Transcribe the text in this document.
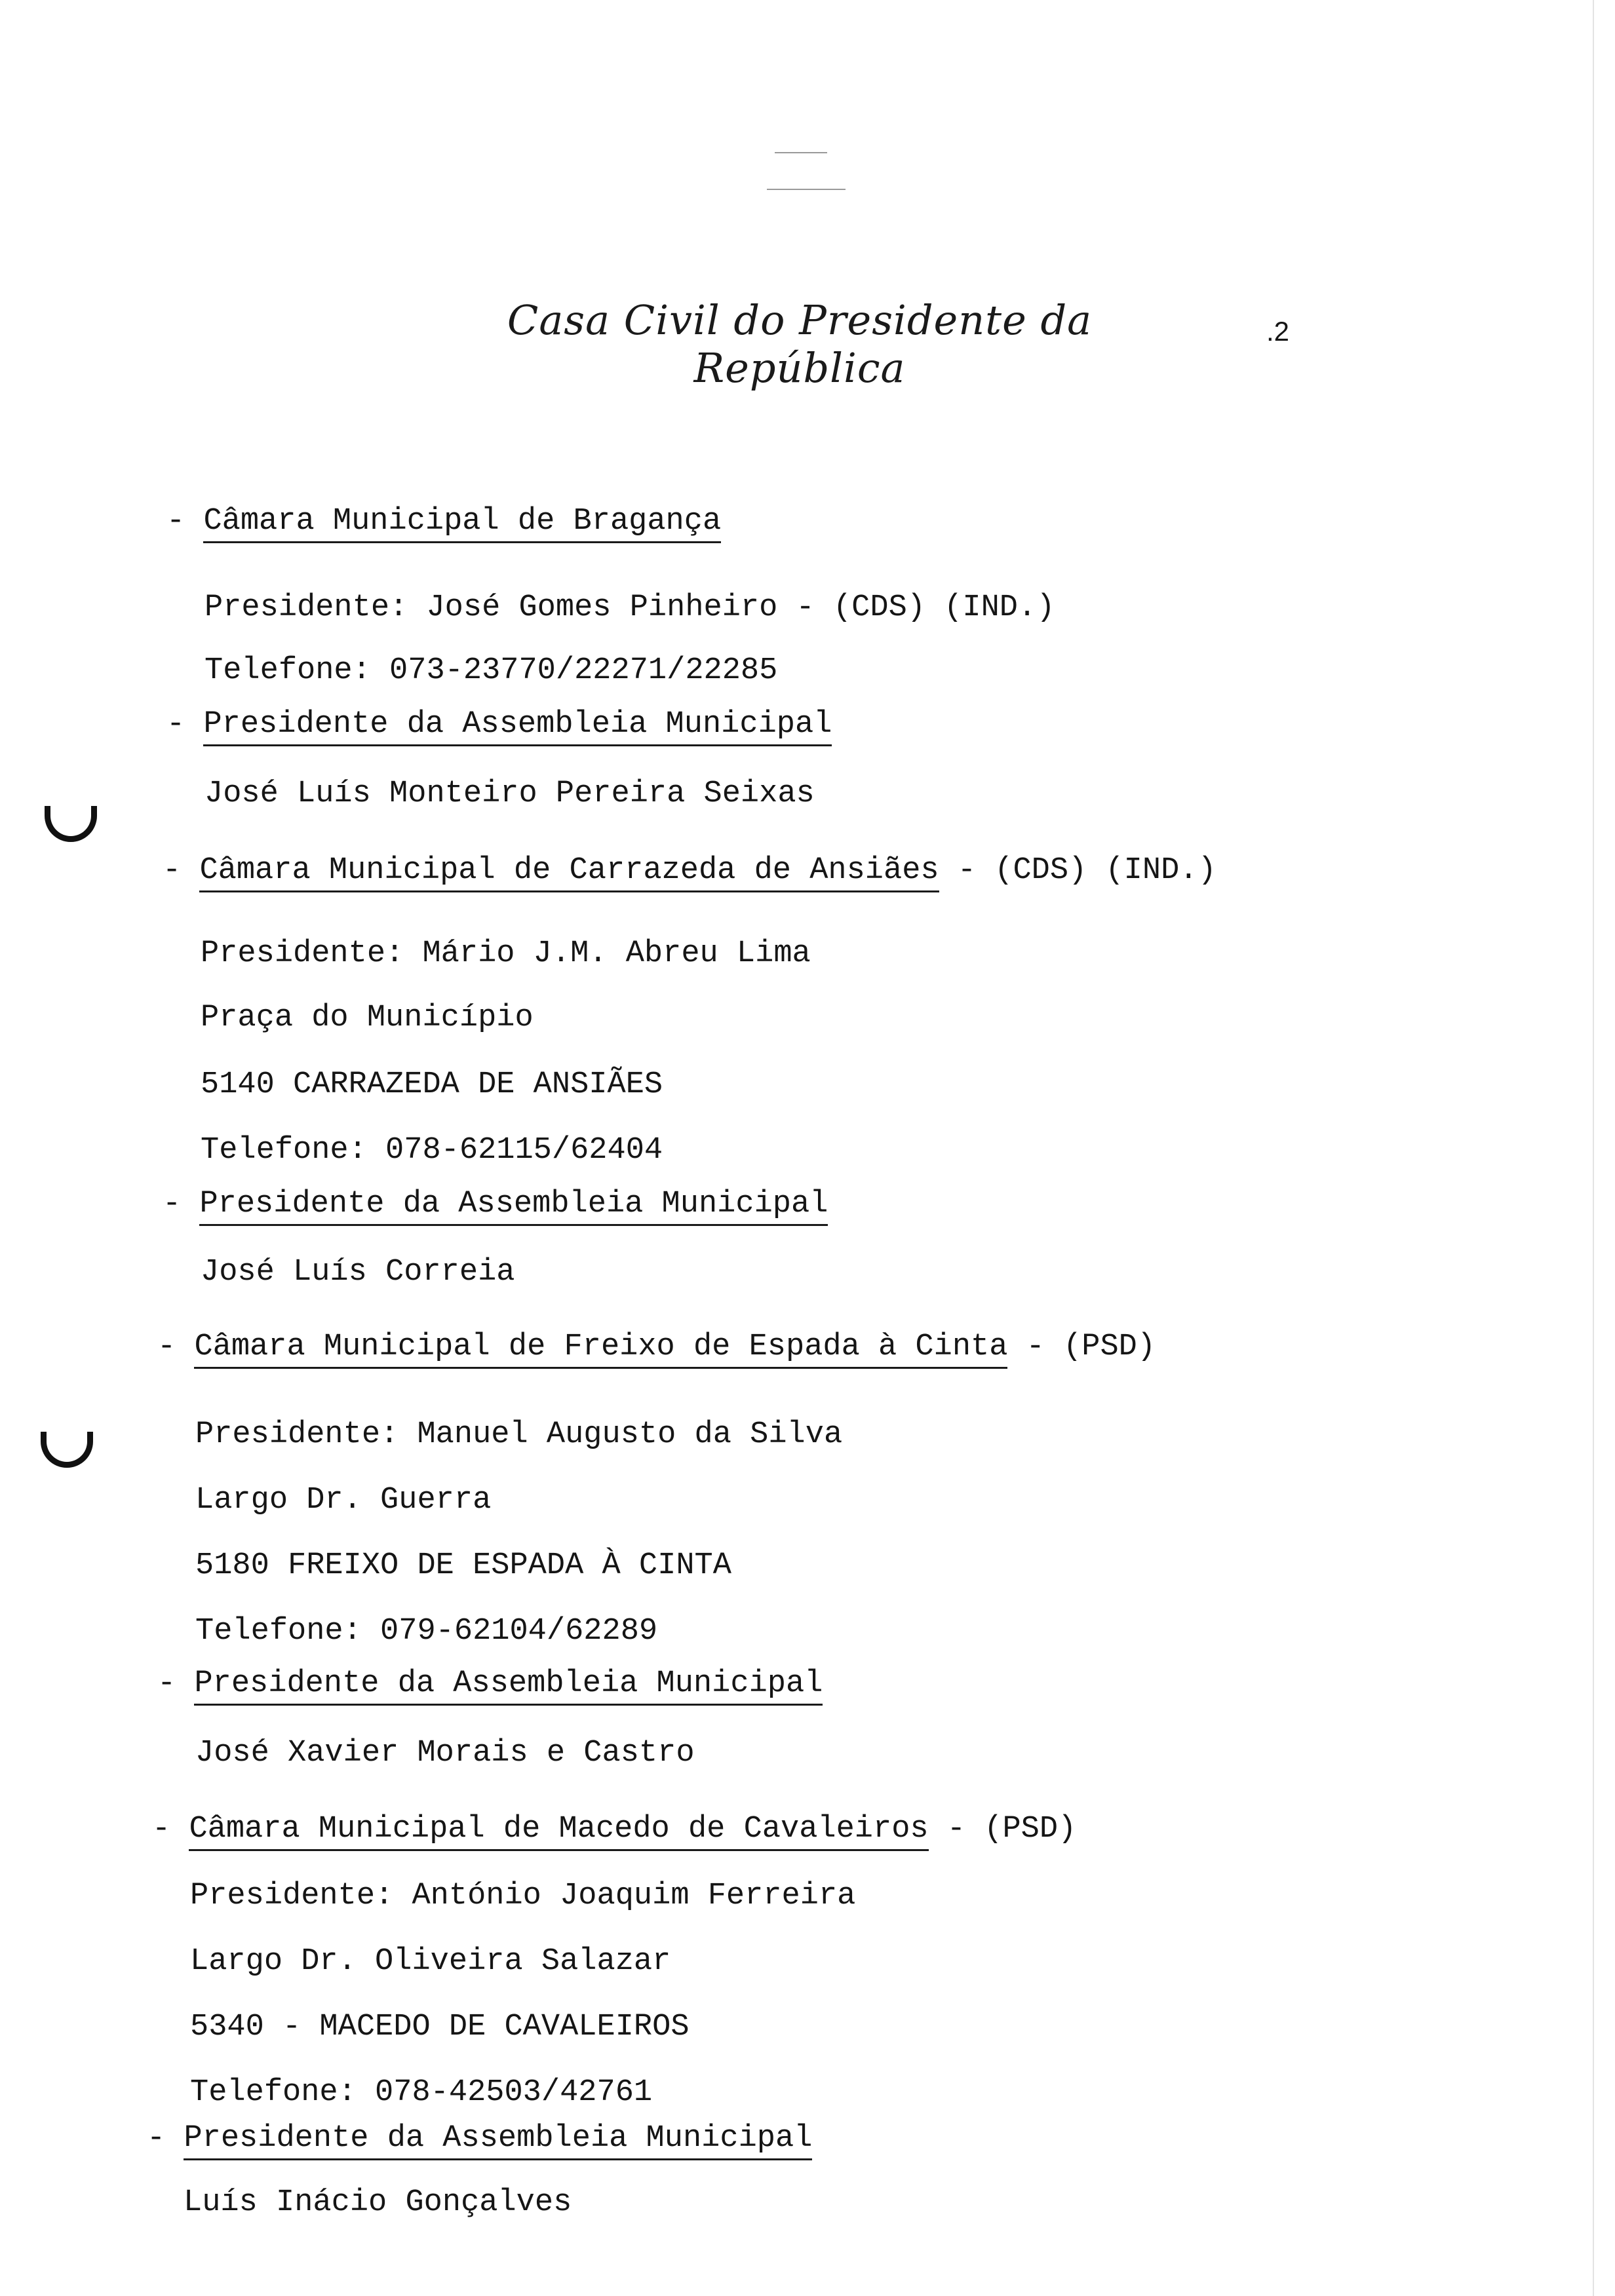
Casa Civil do Presidente da República
.2
- Câmara Municipal de Bragança
Presidente: José Gomes Pinheiro - (CDS) (IND.)
Telefone: 073-23770/22271/22285
- Presidente da Assembleia Municipal
José Luís Monteiro Pereira Seixas
- Câmara Municipal de Carrazeda de Ansiães - (CDS) (IND.)
Presidente: Mário J.M. Abreu Lima
Praça do Município
5140 CARRAZEDA DE ANSIÃES
Telefone: 078-62115/62404
- Presidente da Assembleia Municipal
José Luís Correia
- Câmara Municipal de Freixo de Espada à Cinta - (PSD)
Presidente: Manuel Augusto da Silva
Largo Dr. Guerra
5180 FREIXO DE ESPADA À CINTA
Telefone: 079-62104/62289
- Presidente da Assembleia Municipal
José Xavier Morais e Castro
- Câmara Municipal de Macedo de Cavaleiros - (PSD)
Presidente: António Joaquim Ferreira
Largo Dr. Oliveira Salazar
5340 - MACEDO DE CAVALEIROS
Telefone: 078-42503/42761
- Presidente da Assembleia Municipal
Luís Inácio Gonçalves
